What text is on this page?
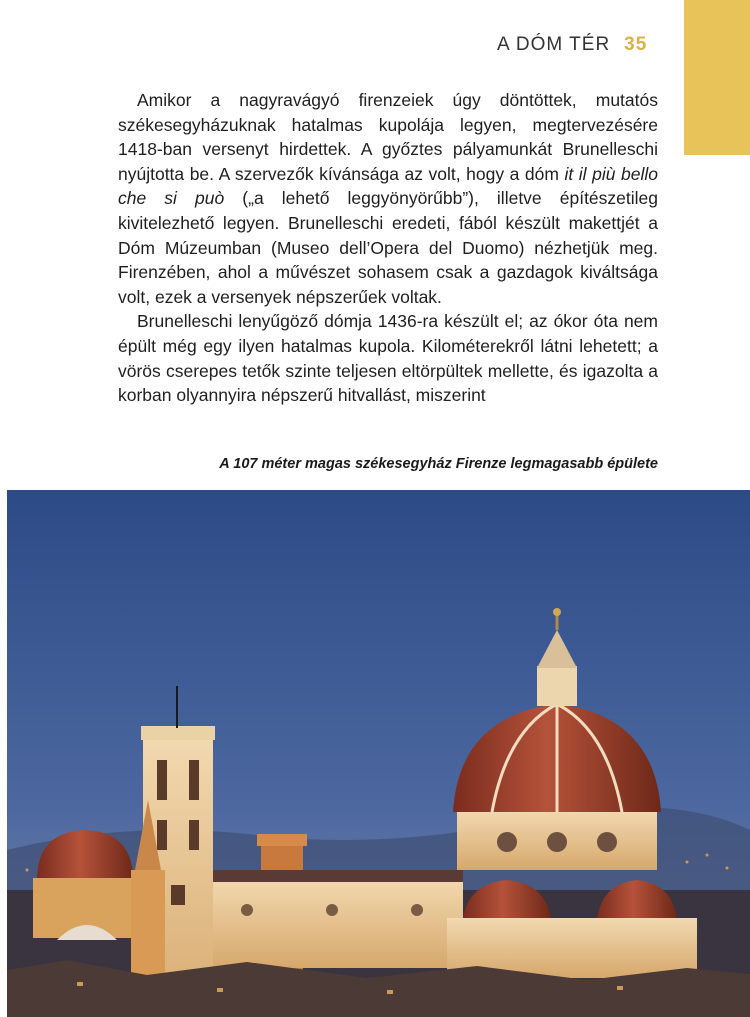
A DÓM TÉR 35

Amikor a nagyravágyó firenzeiek úgy döntöttek, mutatós székesegyházuknak hatalmas kupolája legyen, megtervezésére 1418-ban versenyt hirdettek. A győztes pályamunkát Brunelleschi nyújtotta be. A szervezők kívánsága az volt, hogy a dóm it il più bello che si può („a lehető leggyönyörűbb”), illetve építészetileg kivitelezhető legyen. Brunelleschi eredeti, fából készült makettjét a Dóm Múzeumban (Museo dell’Opera del Duomo) nézhetjük meg. Firenzében, ahol a művészet sohasem csak a gazdagok kiváltsága volt, ezek a versenyek népszerűek voltak.

Brunelleschi lenyűgöző dómja 1436-ra készült el; az ókor óta nem épült még egy ilyen hatalmas kupola. Kilométerekről látni lehetett; a vörös cserepes tetők szinte teljesen eltörpültek mellette, és igazolta a korban olyannyira népszerű hitvallást, miszerint

A 107 méter magas székesegyház Firenze legmagasabb épülete
